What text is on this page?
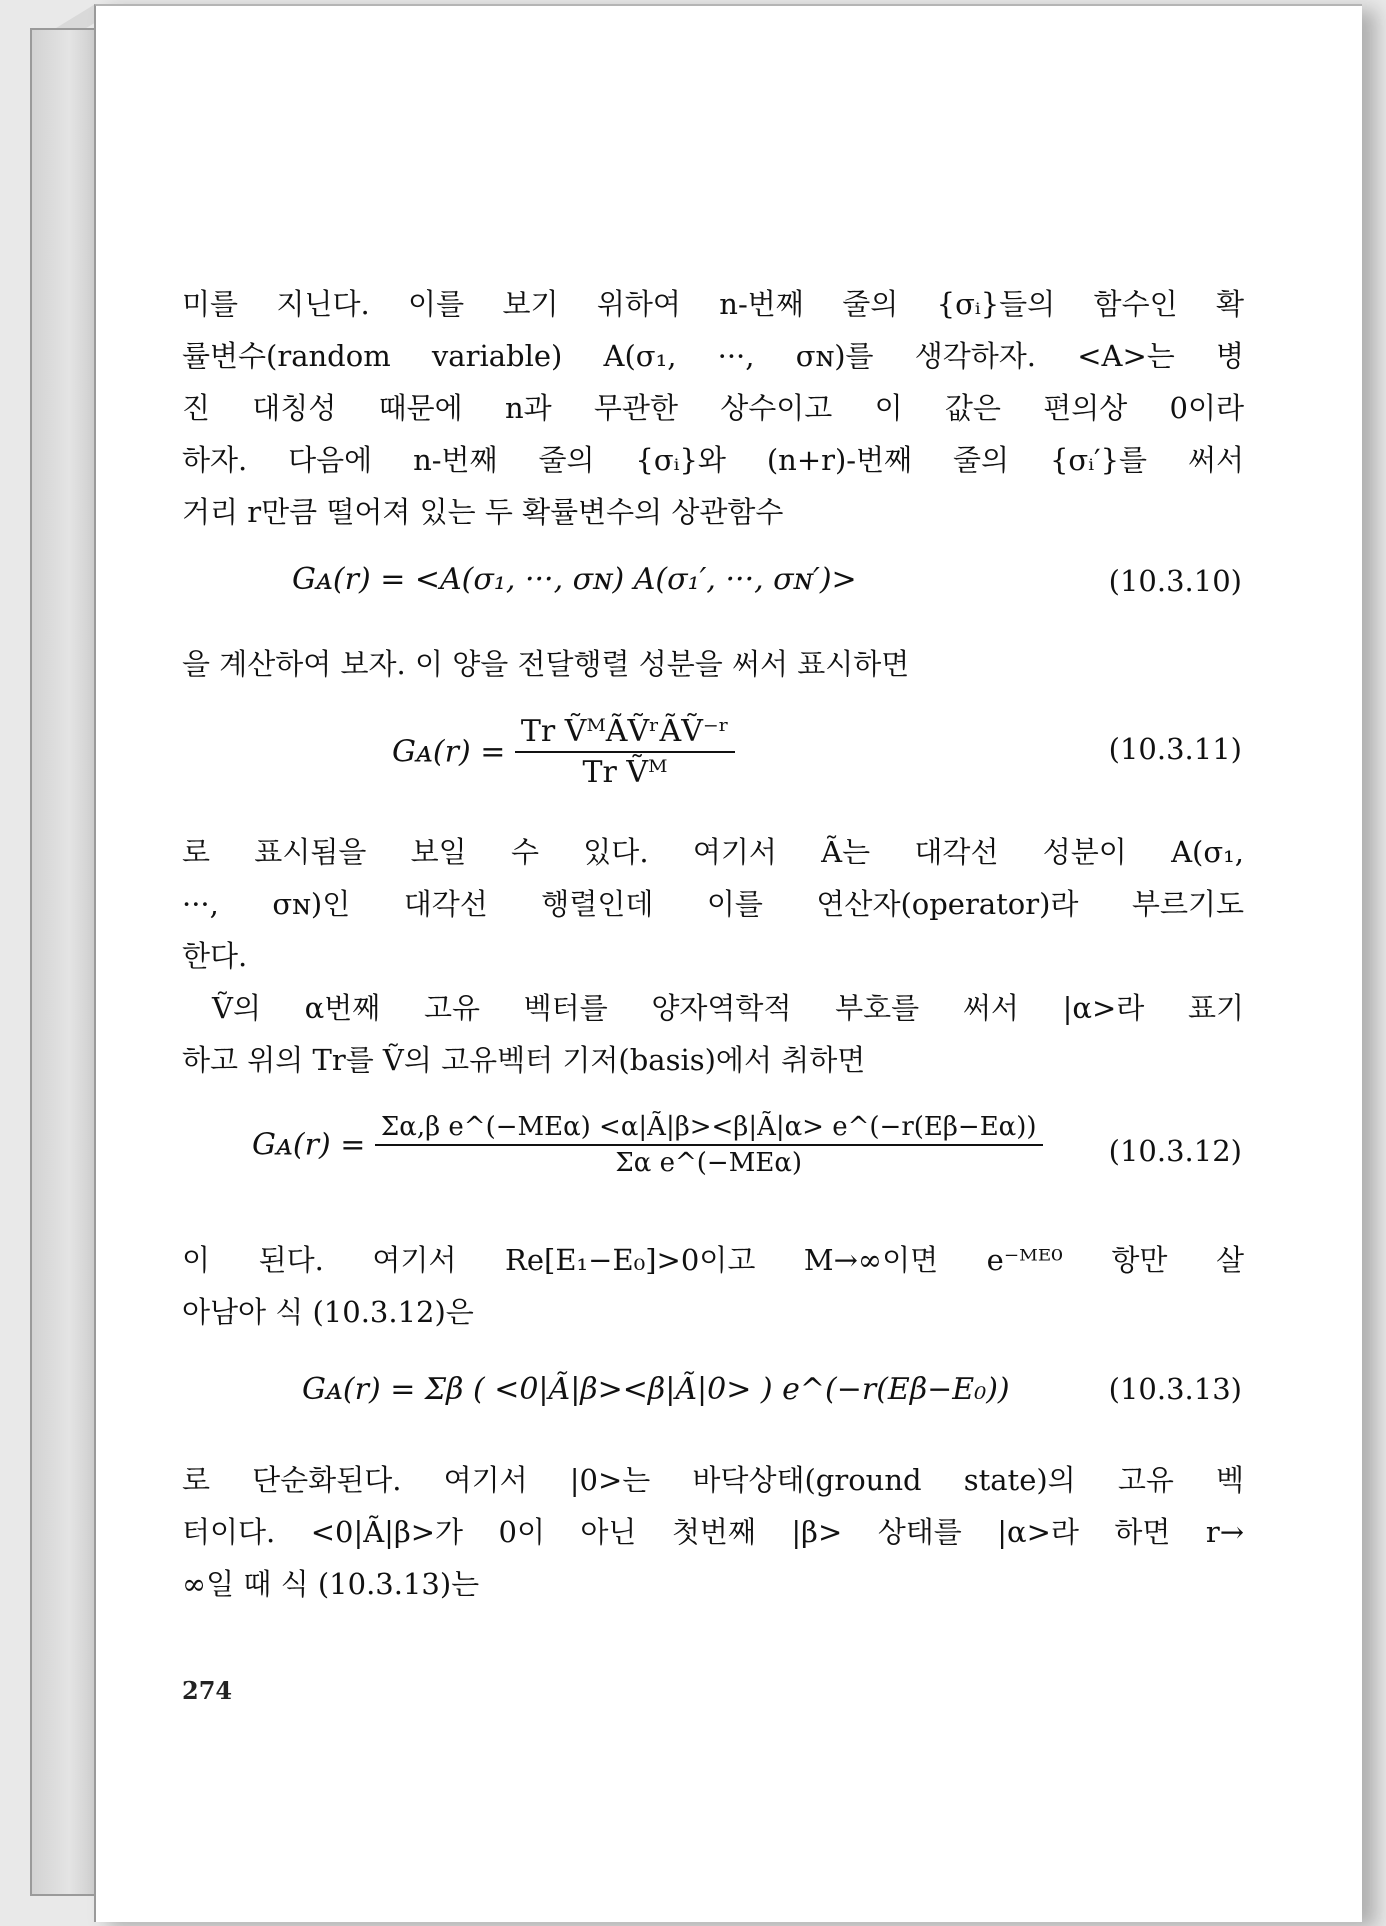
미를 지닌다. 이를 보기 위하여 n-번째 줄의 {σᵢ}들의 함수인 확
률변수(random variable) A(σ₁, ···, σɴ)를 생각하자. <A>는 병
진 대칭성 때문에 n과 무관한 상수이고 이 값은 편의상 0이라
하자. 다음에 n-번째 줄의 {σᵢ}와 (n+r)-번째 줄의 {σᵢ′}를 써서
거리 r만큼 떨어져 있는 두 확률변수의 상관함수

Gᴀ(r) = <A(σ₁, ···, σɴ) A(σ₁′, ···, σɴ′)>	(10.3.10)

을 계산하여 보자. 이 양을 전달행렬 성분을 써서 표시하면

Gᴀ(r) = $\frac{\text{Tr ṼᴹÃṼʳÃṼ⁻ʳ}}{\text{Tr Ṽᴹ}}$	(10.3.11)

로 표시됨을 보일 수 있다. 여기서 Ã는 대각선 성분이 A(σ₁,
···, σɴ)인 대각선 행렬인데 이를 연산자(operator)라 부르기도
한다.

Ṽ의 α번째 고유 벡터를 양자역학적 부호를 써서 |α>라 표기
하고 위의 Tr를 Ṽ의 고유벡터 기저(basis)에서 취하면

Gᴀ(r) = $\frac{\text{Σα,β e\textasciicircum{}(−MEα) <α|Ã|β><β|Ã|α> e\textasciicircum{}(−r(Eβ−Eα))}}{\text{Σα e\textasciicircum{}(−MEα)}} (10.3.12)$

이 된다. 여기서 Re[E₁−E₀]>0이고 M→∞이면 e⁻ᴹᴱ⁰ 항만 살
아남아 식 (10.3.12)은

Gᴀ(r) = Σβ ( <0|Ã|β><β|Ã|0> ) e^(−r(Eβ−E₀))	(10.3.13)

로 단순화된다. 여기서 |0>는 바닥상태(ground state)의 고유 벡
터이다. <0|Ã|β>가 0이 아닌 첫번째 |β> 상태를 |α>라 하면 r→
∞일 때 식 (10.3.13)는

274
